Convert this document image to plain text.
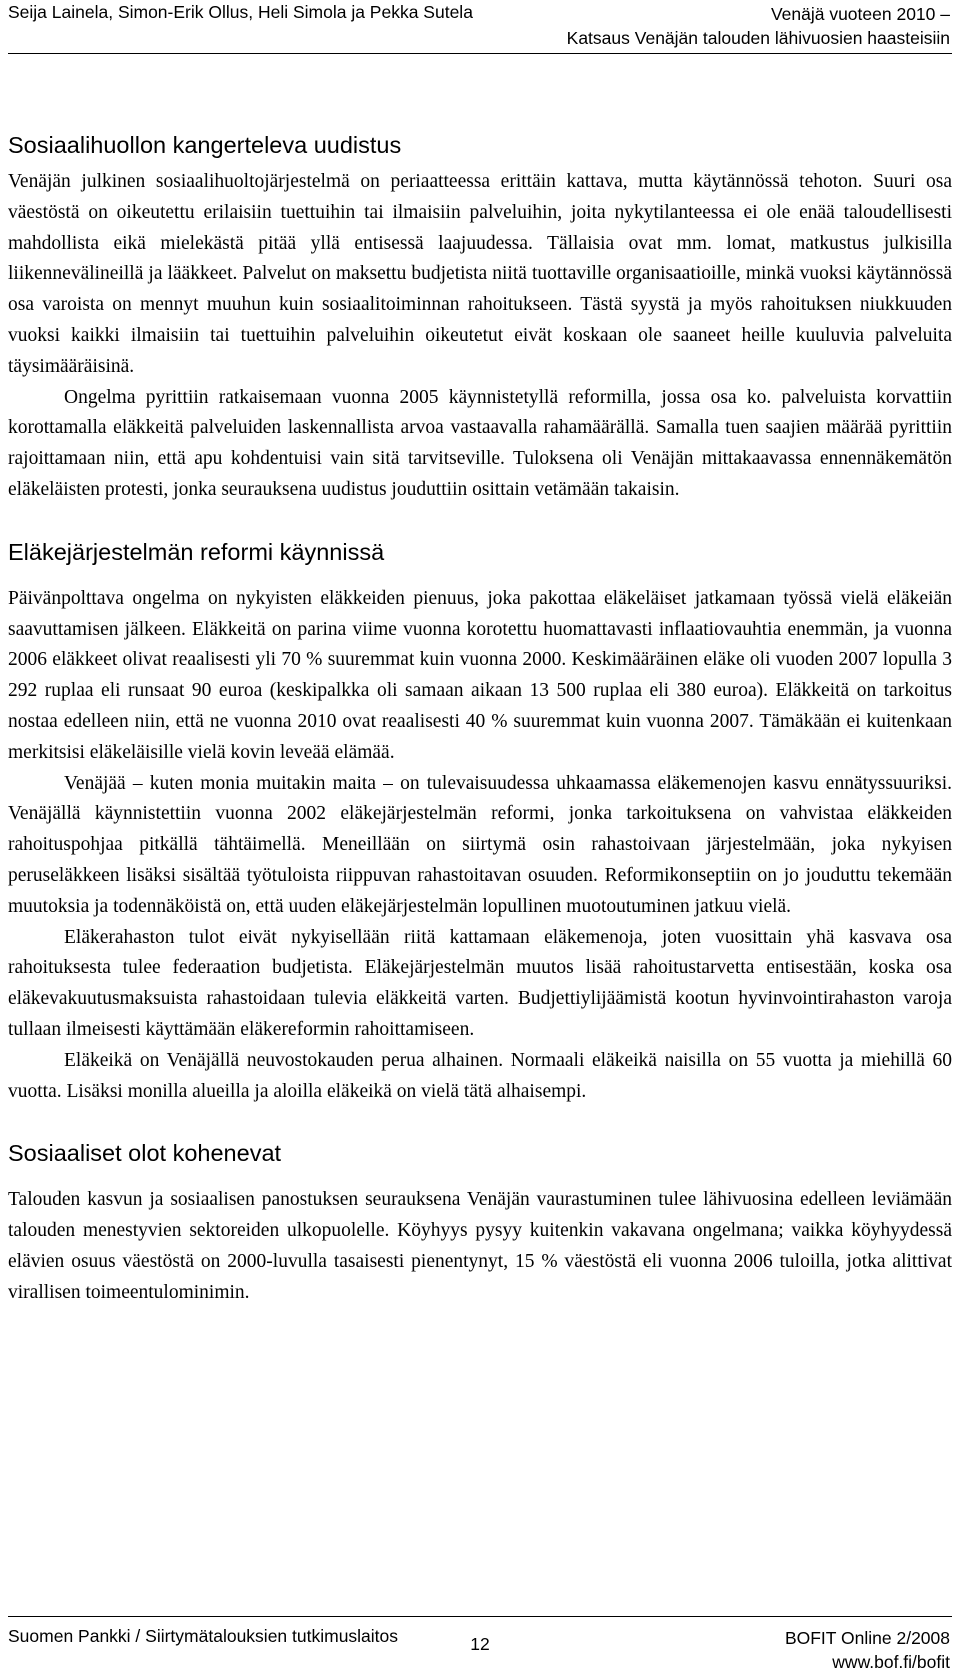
Seija Lainela, Simon-Erik Ollus, Heli Simola ja Pekka Sutela	Venäjä vuoteen 2010 –
Katsaus Venäjän talouden lähivuosien haasteisiin
Sosiaalihuollon kangerteleva uudistus

Venäjän julkinen sosiaalihuoltojärjestelmä on periaatteessa erittäin kattava, mutta käytännössä tehoton. Suuri osa väestöstä on oikeutettu erilaisiin tuettuihin tai ilmaisiin palveluihin, joita nykytilanteessa ei ole enää taloudellisesti mahdollista eikä mielekästä pitää yllä entisessä laajuudessa. Tällaisia ovat mm. lomat, matkustus julkisilla liikennevälineillä ja lääkkeet. Palvelut on maksettu budjetista niitä tuottaville organisaatioille, minkä vuoksi käytännössä osa varoista on mennyt muuhun kuin sosiaalitoiminnan rahoitukseen. Tästä syystä ja myös rahoituksen niukkuuden vuoksi kaikki ilmaisiin tai tuettuihin palveluihin oikeutetut eivät koskaan ole saaneet heille kuuluvia palveluita täysimääräisinä.

Ongelma pyrittiin ratkaisemaan vuonna 2005 käynnistetyllä reformilla, jossa osa ko. palveluista korvattiin korottamalla eläkkeitä palveluiden laskennallista arvoa vastaavalla rahamäärällä. Samalla tuen saajien määrää pyrittiin rajoittamaan niin, että apu kohdentuisi vain sitä tarvitseville. Tuloksena oli Venäjän mittakaavassa ennennäkemätön eläkeläisten protesti, jonka seurauksena uudistus jouduttiin osittain vetämään takaisin.

Eläkejärjestelmän reformi käynnissä

Päivänpolttava ongelma on nykyisten eläkkeiden pienuus, joka pakottaa eläkeläiset jatkamaan työssä vielä eläkeiän saavuttamisen jälkeen. Eläkkeitä on parina viime vuonna korotettu huomattavasti inflaatiovauhtia enemmän, ja vuonna 2006 eläkkeet olivat reaalisesti yli 70 % suuremmat kuin vuonna 2000. Keskimääräinen eläke oli vuoden 2007 lopulla 3 292 ruplaa eli runsaat 90 euroa (keskipalkka oli samaan aikaan 13 500 ruplaa eli 380 euroa). Eläkkeitä on tarkoitus nostaa edelleen niin, että ne vuonna 2010 ovat reaalisesti 40 % suuremmat kuin vuonna 2007. Tämäkään ei kuitenkaan merkitsisi eläkeläisille vielä kovin leveää elämää.

Venäjää – kuten monia muitakin maita – on tulevaisuudessa uhkaamassa eläkemenojen kasvu ennätyssuuriksi. Venäjällä käynnistettiin vuonna 2002 eläkejärjestelmän reformi, jonka tarkoituksena on vahvistaa eläkkeiden rahoituspohjaa pitkällä tähtäimellä. Meneillään on siirtymä osin rahastoivaan järjestelmään, joka nykyisen peruseläkkeen lisäksi sisältää työtuloista riippuvan rahastoitavan osuuden. Reformikonseptiin on jo jouduttu tekemään muutoksia ja todennäköistä on, että uuden eläkejärjestelmän lopullinen muotoutuminen jatkuu vielä.

Eläkerahaston tulot eivät nykyisellään riitä kattamaan eläkemenoja, joten vuosittain yhä kasvava osa rahoituksesta tulee federaation budjetista. Eläkejärjestelmän muutos lisää rahoitustarvetta entisestään, koska osa eläkevakuutusmaksuista rahastoidaan tulevia eläkkeitä varten. Budjettiylijäämistä kootun hyvinvointirahaston varoja tullaan ilmeisesti käyttämään eläkereformin rahoittamiseen.

Eläkeikä on Venäjällä neuvostokauden perua alhainen. Normaali eläkeikä naisilla on 55 vuotta ja miehillä 60 vuotta. Lisäksi monilla alueilla ja aloilla eläkeikä on vielä tätä alhaisempi.

Sosiaaliset olot kohenevat

Talouden kasvun ja sosiaalisen panostuksen seurauksena Venäjän vaurastuminen tulee lähivuosina edelleen leviämään talouden menestyvien sektoreiden ulkopuolelle. Köyhyys pysyy kuitenkin vakavana ongelmana; vaikka köyhyydessä elävien osuus väestöstä on 2000-luvulla tasaisesti pienentynyt, 15 % väestöstä eli vuonna 2006 tuloilla, jotka alittivat virallisen toimeentulominimin.

Suomen Pankki / Siirtymätalouksien tutkimuslaitos	12	BOFIT Online 2/2008
www.bof.fi/bofit
